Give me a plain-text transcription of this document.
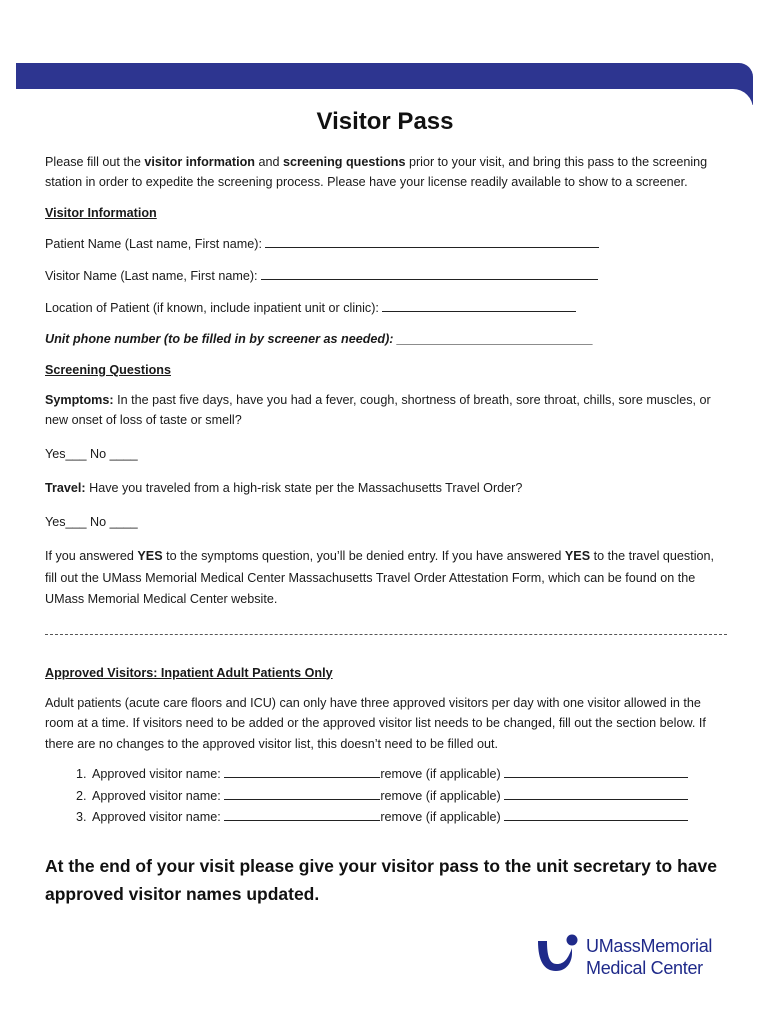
Visitor Pass

Please fill out the visitor information and screening questions prior to your visit, and bring this pass to the screening station in order to expedite the screening process. Please have your license readily available to show to a screener.

Visitor Information

Patient Name (Last name, First name):

Visitor Name (Last name, First name):

Location of Patient (if known, include inpatient unit or clinic):

Unit phone number (to be filled in by screener as needed): ____________________________

Screening Questions

Symptoms: In the past five days, have you had a fever, cough, shortness of breath, sore throat, chills, sore muscles, or new onset of loss of taste or smell?

Yes___ No ____

Travel: Have you traveled from a high-risk state per the Massachusetts Travel Order?

Yes___ No ____

If you answered YES to the symptoms question, you’ll be denied entry. If you have answered YES to the travel question, fill out the UMass Memorial Medical Center Massachusetts Travel Order Attestation Form, which can be found on the UMass Memorial Medical Center website.

Approved Visitors: Inpatient Adult Patients Only

Adult patients (acute care floors and ICU) can only have three approved visitors per day with one visitor allowed in the room at a time. If visitors need to be added or the approved visitor list needs to be changed, fill out the section below. If there are no changes to the approved visitor list, this doesn’t need to be filled out.

1. Approved visitor name:	remove (if applicable)
2. Approved visitor name:	remove (if applicable)
3. Approved visitor name:	remove (if applicable)
At the end of your visit please give your visitor pass to the unit secretary to have approved visitor names updated.
UMassMemorial
Medical Center
